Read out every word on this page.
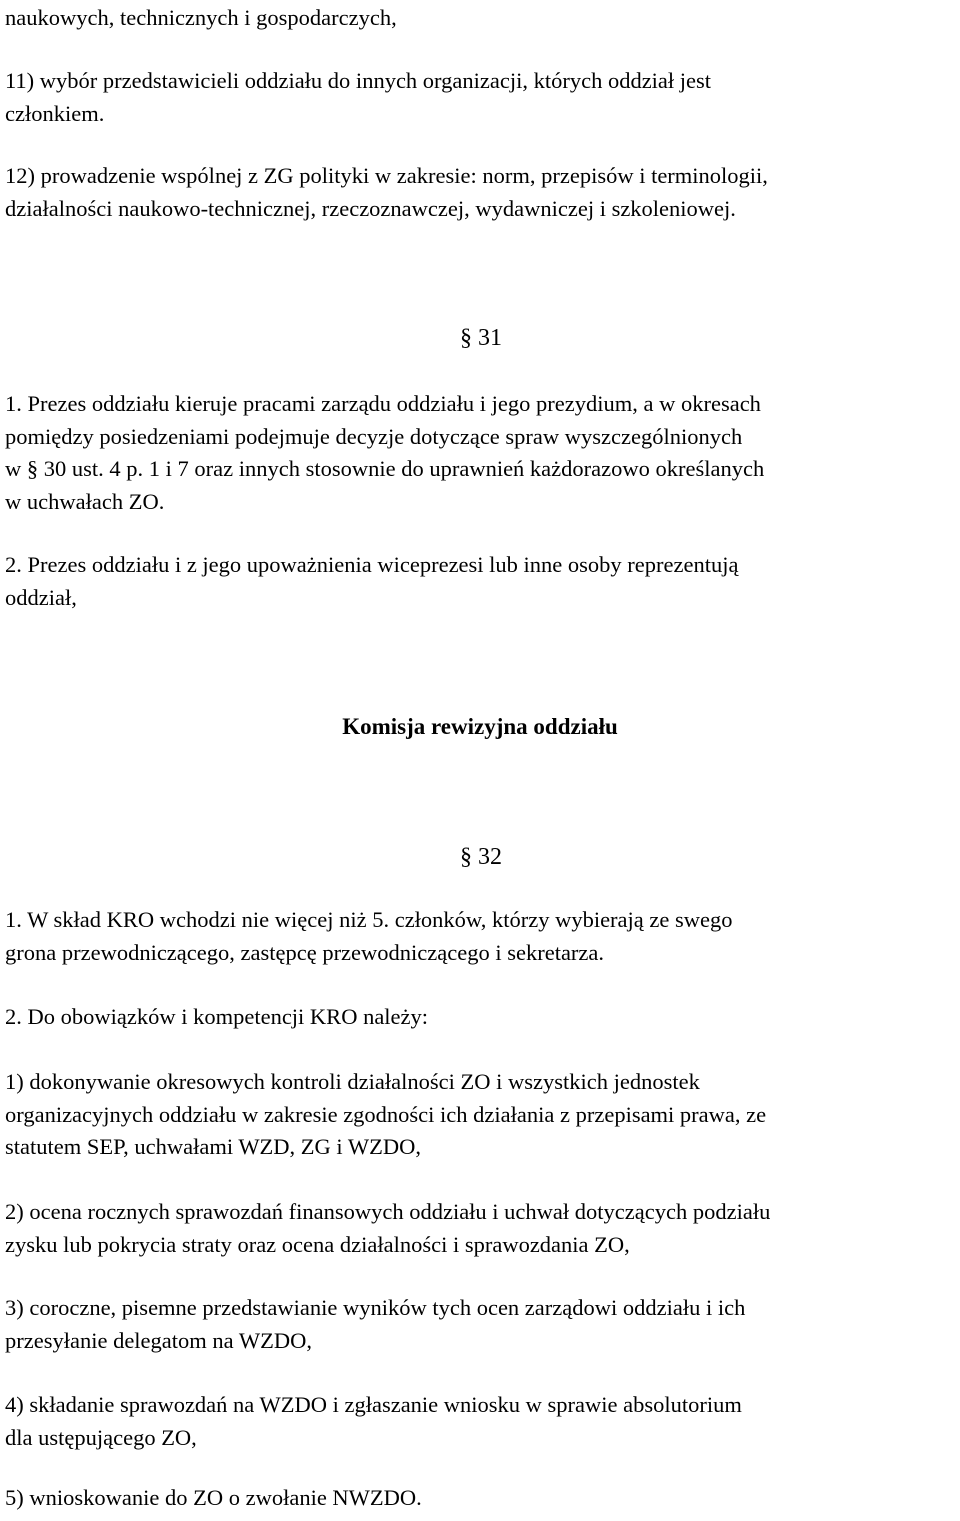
naukowych, technicznych i gospodarczych,

11) wybór przedstawicieli oddziału do innych organizacji, których oddział jest
członkiem.

12) prowadzenie wspólnej z ZG polityki w zakresie: norm, przepisów i terminologii,
działalności naukowo-technicznej, rzeczoznawczej, wydawniczej i szkoleniowej.

§ 31

1. Prezes oddziału kieruje pracami zarządu oddziału i jego prezydium, a w okresach
pomiędzy posiedzeniami podejmuje decyzje dotyczące spraw wyszczególnionych
w § 30 ust. 4 p. 1 i 7 oraz innych stosownie do uprawnień każdorazowo określanych
w uchwałach ZO.

2. Prezes oddziału i z jego upoważnienia wiceprezesi lub inne osoby reprezentują
oddział,

Komisja rewizyjna oddziału
§ 32

1. W skład KRO wchodzi nie więcej niż 5. członków, którzy wybierają ze swego
grona przewodniczącego, zastępcę przewodniczącego i sekretarza.

2. Do obowiązków i kompetencji KRO należy:

1) dokonywanie okresowych kontroli działalności ZO i wszystkich jednostek
organizacyjnych oddziału w zakresie zgodności ich działania z przepisami prawa, ze
statutem SEP, uchwałami WZD, ZG i WZDO,

2) ocena rocznych sprawozdań finansowych oddziału i uchwał dotyczących podziału
zysku lub pokrycia straty oraz ocena działalności i sprawozdania ZO,

3) coroczne, pisemne przedstawianie wyników tych ocen zarządowi oddziału i ich
przesyłanie delegatom na WZDO,

4) składanie sprawozdań na WZDO i zgłaszanie wniosku w sprawie absolutorium
dla ustępującego ZO,

5) wnioskowanie do ZO o zwołanie NWZDO.
